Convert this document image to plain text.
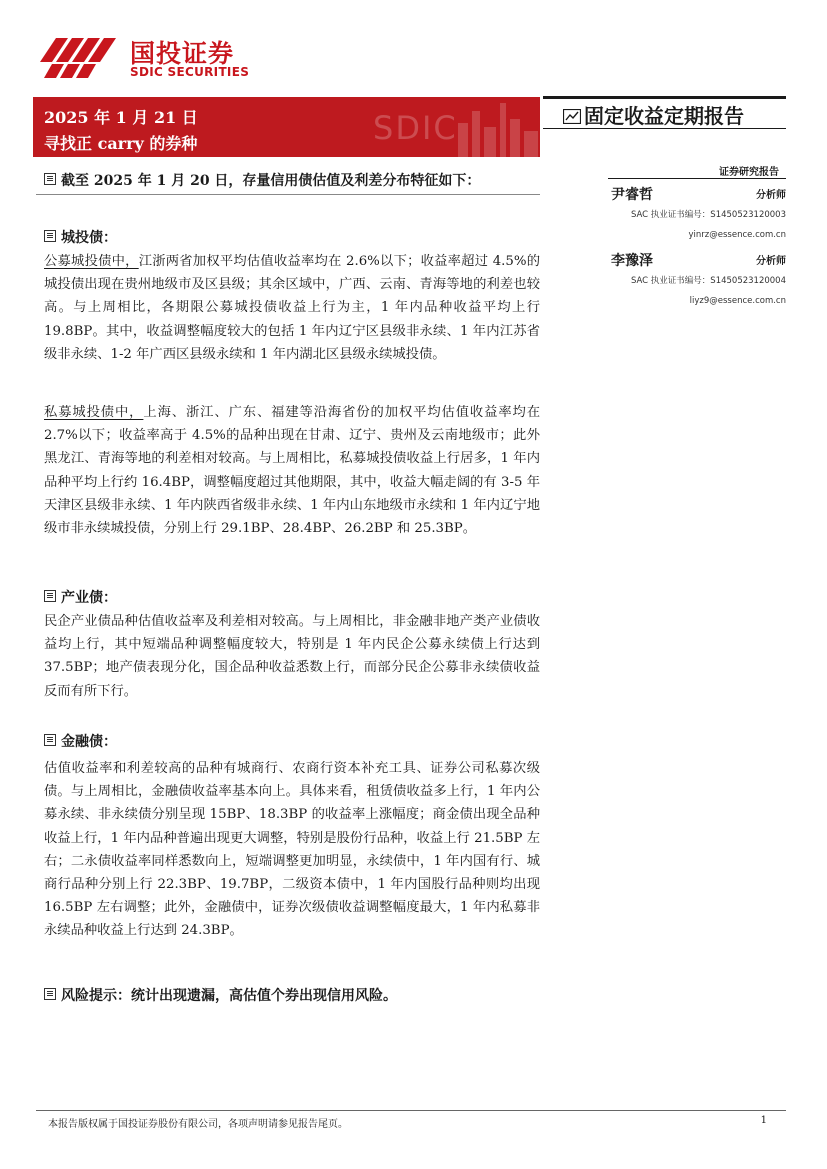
国投证券
SDIC SECURITIES
2025 年 1 月 21 日
寻找正 carry 的券种	SDIC	固定收益定期报告
证券研究报告
尹睿哲	分析师
SAC 执业证书编号：S1450523120003
yinrz@essence.com.cn
李豫泽	分析师
SAC 执业证书编号：S1450523120004
liyz9@essence.com.cn
截至 2025 年 1 月 20 日，存量信用债估值及利差分布特征如下：
城投债：
公募城投债中，江浙两省加权平均估值收益率均在 2.6%以下；收益率超过 4.5%的城投债出现在贵州地级市及区县级；其余区域中，广西、云南、青海等地的利差也较高。与上周相比，各期限公募城投债收益上行为主，1 年内品种收益平均上行 19.8BP。其中，收益调整幅度较大的包括 1 年内辽宁区县级非永续、1 年内江苏省级非永续、1-2 年广西区县级永续和 1 年内湖北区县级永续城投债。
私募城投债中，上海、浙江、广东、福建等沿海省份的加权平均估值收益率均在 2.7%以下；收益率高于 4.5%的品种出现在甘肃、辽宁、贵州及云南地级市；此外黑龙江、青海等地的利差相对较高。与上周相比，私募城投债收益上行居多，1 年内品种平均上行约 16.4BP，调整幅度超过其他期限，其中，收益大幅走阔的有 3-5 年天津区县级非永续、1 年内陕西省级非永续、1 年内山东地级市永续和 1 年内辽宁地级市非永续城投债，分别上行 29.1BP、28.4BP、26.2BP 和 25.3BP。
产业债：
民企产业债品种估值收益率及利差相对较高。与上周相比，非金融非地产类产业债收益均上行，其中短端品种调整幅度较大，特别是 1 年内民企公募永续债上行达到 37.5BP；地产债表现分化，国企品种收益悉数上行，而部分民企公募非永续债收益反而有所下行。
金融债：
估值收益率和利差较高的品种有城商行、农商行资本补充工具、证券公司私募次级债。与上周相比，金融债收益率基本向上。具体来看，租赁债收益多上行，1 年内公募永续、非永续债分别呈现 15BP、18.3BP 的收益率上涨幅度；商金债出现全品种收益上行，1 年内品种普遍出现更大调整，特别是股份行品种，收益上行 21.5BP 左右；二永债收益率同样悉数向上，短端调整更加明显，永续债中，1 年内国有行、城商行品种分别上行 22.3BP、19.7BP，二级资本债中，1 年内国股行品种则均出现 16.5BP 左右调整；此外，金融债中，证券次级债收益调整幅度最大，1 年内私募非永续品种收益上行达到 24.3BP。
风险提示：统计出现遗漏，高估值个券出现信用风险。
本报告版权属于国投证券股份有限公司，各项声明请参见报告尾页。	1
